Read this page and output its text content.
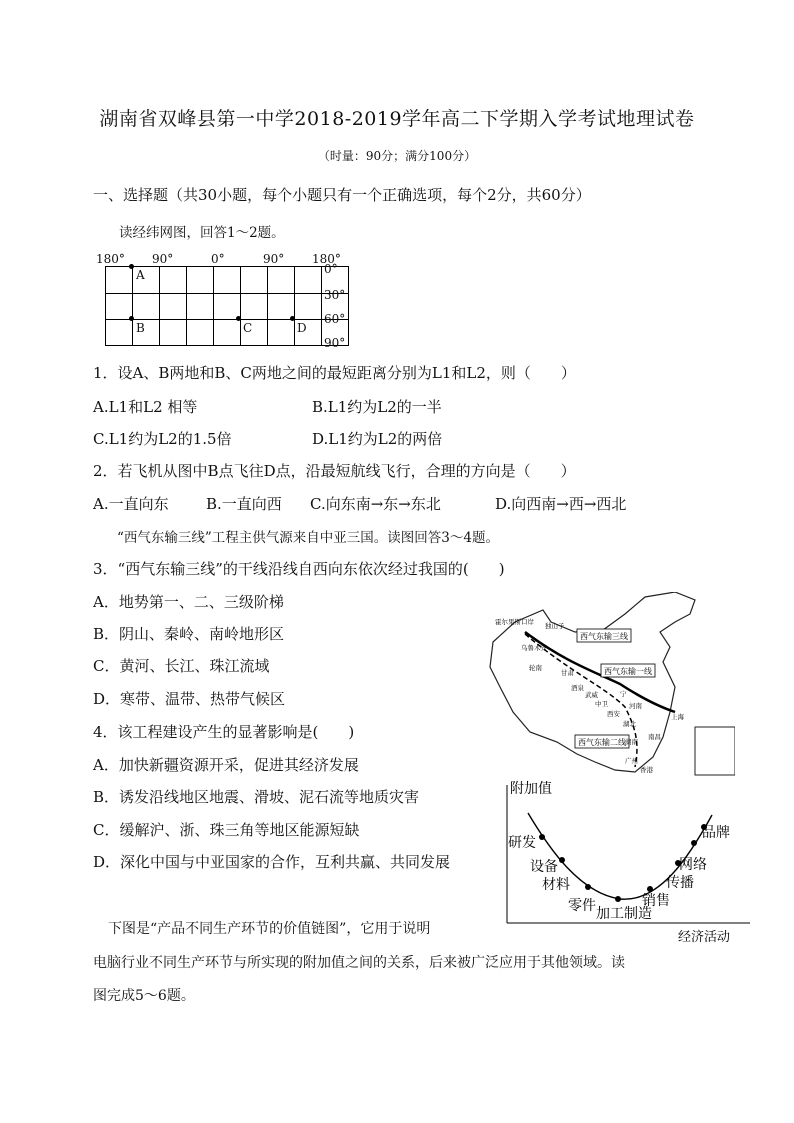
湖南省双峰县第一中学2018-2019学年高二下学期入学考试地理试卷
（时量：90分；满分100分）
一、选择题（共30小题，每个小题只有一个正确选项，每个2分，共60分）
读经纬网图，回答1～2题。
180° 90°	0°	90° 180°
A
B	C	D
0°
30°
60°
90°
1．设A、B两地和B、C两地之间的最短距离分别为L1和L2，则（　　）
A.L1和L2 相等	B.L1约为L2的一半
C.L1约为L2的1.5倍	D.L1约为L2的两倍
2．若飞机从图中B点飞往D点，沿最短航线飞行，合理的方向是（　　）
A.一直向东 B.一直向西 C.向东南→东→东北	D.向西南→西→西北
“西气东输三线”工程主供气源来自中亚三国。读图回答3～4题。
3．“西气东输三线”的干线沿线自西向东依次经过我国的(　　)
A．地势第一、二、三级阶梯
B．阴山、秦岭、南岭地形区
C．黄河、长江、珠江流域
D．寒带、温带、热带气候区
4．该工程建设产生的显著影响是(　　)
A．加快新疆资源开采，促进其经济发展
B．诱发沿线地区地震、滑坡、泥石流等地质灾害
C．缓解沪、浙、珠三角等地区能源短缺
D．深化中国与中亚国家的合作，互利共赢、共同发展
西气东输三线
西气东输一线
西气东输二线
霍尔果斯口岸 独山子
乌鲁木齐
轮南
甘肃
酒泉
武威
中卫
宁
河南
西安
湖北
湖南
上海
南昌
广州
香港
附加值
经济活动
研发
设备
材料
零件 加工制造
销售
传播
网络
品牌
下图是“产品不同生产环节的价值链图”，它用于说明
电脑行业不同生产环节与所实现的附加值之间的关系，后来被广泛应用于其他领域。读
图完成5～6题。
